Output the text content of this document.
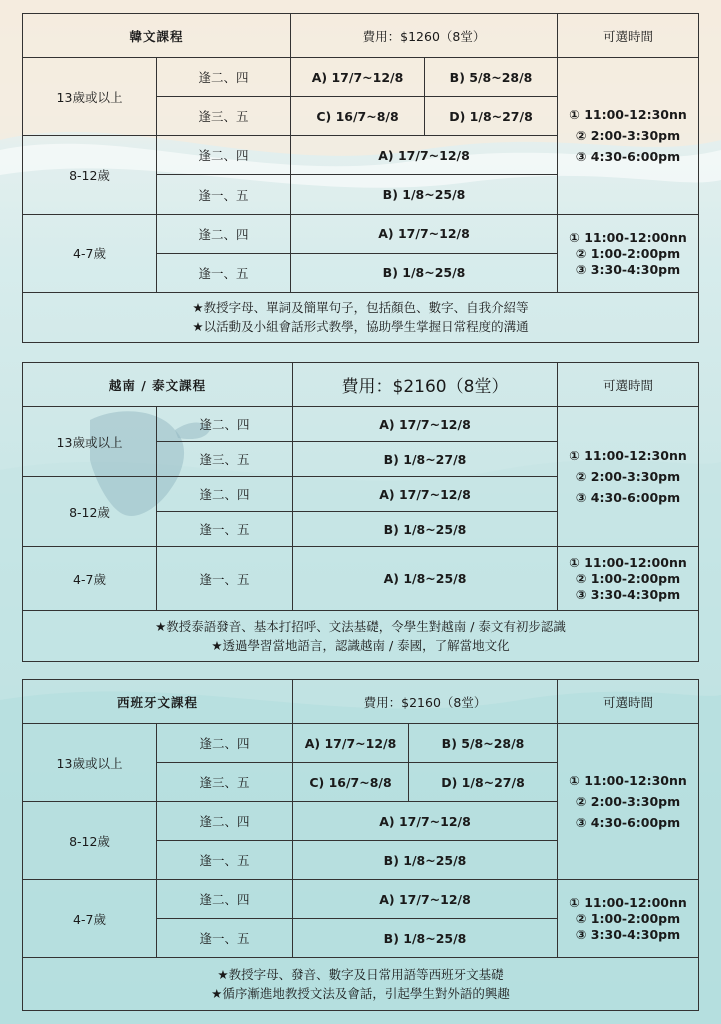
韓文課程		費用：$1260（8堂）		可選時間
13歲或以上	逢二、四	A) 17/7~12/8	B) 5/8~28/8	① 11:00-12:30nn
② 2:00-3:30pm
③ 4:30-6:00pm

	逢三、五	C) 16/7~8/8	D) 1/8~27/8	
8-12歲	逢二、四	A) 17/7~12/8		
	逢一、五	B) 1/8~25/8		
4-7歲	逢二、四	A) 17/7~12/8		① 11:00-12:00nn
② 1:00-2:00pm
③ 3:30-4:30pm

	逢一、五	B) 1/8~25/8		

★教授字母、單詞及簡單句子，包括顏色、數字、自我介紹等
★以活動及小組會話形式教學，協助學生掌握日常程度的溝通				
越南 / 泰文課程		費用：$2160（8堂）	可選時間
13歲或以上	逢二、四	A) 17/7~12/8	① 11:00-12:30nn
② 2:00-3:30pm
③ 4:30-6:00pm

	逢三、五	B) 1/8~27/8	
8-12歲	逢二、四	A) 17/7~12/8	
	逢一、五	B) 1/8~25/8	
4-7歲	逢一、五	A) 1/8~25/8	① 11:00-12:00nn
② 1:00-2:00pm
③ 3:30-4:30pm

★教授泰語發音、基本打招呼、文法基礎，令學生對越南 / 泰文有初步認識
★透過學習當地語言，認識越南 / 泰國，了解當地文化			
西班牙文課程		費用：$2160（8堂）		可選時間
13歲或以上	逢二、四	A) 17/7~12/8	B) 5/8~28/8	① 11:00-12:30nn
② 2:00-3:30pm
③ 4:30-6:00pm

	逢三、五	C) 16/7~8/8	D) 1/8~27/8	
8-12歲	逢二、四	A) 17/7~12/8		
	逢一、五	B) 1/8~25/8		
4-7歲	逢二、四	A) 17/7~12/8		① 11:00-12:00nn
② 1:00-2:00pm
③ 3:30-4:30pm

	逢一、五	B) 1/8~25/8		

★教授字母、發音、數字及日常用語等西班牙文基礎
★循序漸進地教授文法及會話，引起學生對外語的興趣				
